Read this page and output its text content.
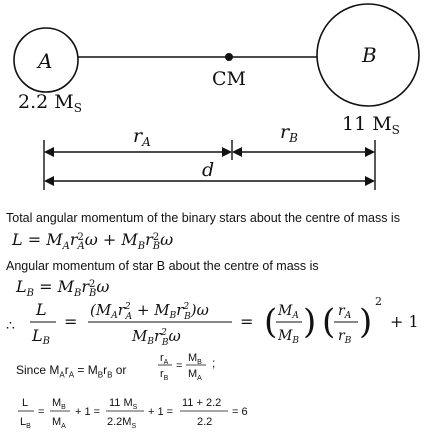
A	B
CM
2.2 $M_S$
11 $M_S$
$r_A$	$r_B$
d
Total angular momentum of the binary stars about the centre of mass is
$L = M_Ar$ 2
A $\omega + M_Br$ 2
B ω
Angular momentum of star B about the centre of mass is
$L_B = M_Br$ 2
B ω
∴
L
LB
=
($M_Ar^2$ $A + M_Br^2$ B)ω
$M_Br^2$ Bω
= ( $M_A$
$M_B$ ) ( $r_A$
$r_B$ )
2
+ 1
Since $M_Ar_A = M_Br_B$ or
$r_A$
$r_B$
=
$M_B$
$M_A$
;
L
$L_B$
=
$M_B$
$M_A$
+ 1 =
11 $M_S$
$2.2M_S$
+ 1 =
11 + 2.2
2.2
= 6
